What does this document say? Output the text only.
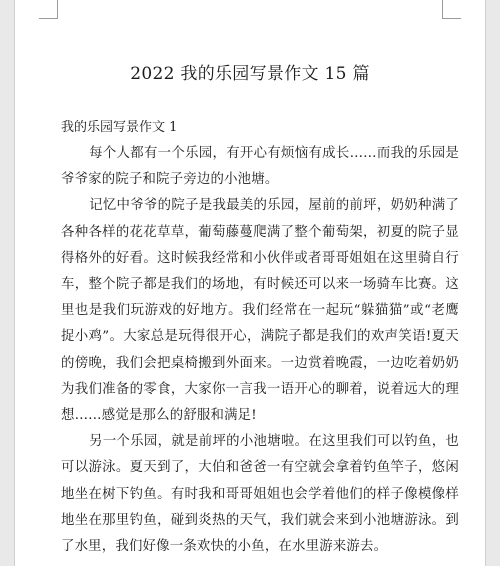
2022 我的乐园写景作文 15 篇
我的乐园写景作文 1

每个人都有一个乐园，有开心有烦恼有成长……而我的乐园是爷爷家的院子和院子旁边的小池塘。

记忆中爷爷的院子是我最美的乐园，屋前的前坪，奶奶种满了各种各样的花花草草，葡萄藤蔓爬满了整个葡萄架，初夏的院子显得格外的好看。这时候我经常和小伙伴或者哥哥姐姐在这里骑自行车，整个院子都是我们的场地，有时候还可以来一场骑车比赛。这里也是我们玩游戏的好地方。我们经常在一起玩“躲猫猫”或“老鹰捉小鸡”。大家总是玩得很开心，满院子都是我们的欢声笑语!夏天的傍晚，我们会把桌椅搬到外面来。一边赏着晚霞，一边吃着奶奶为我们准备的零食，大家你一言我一语开心的聊着，说着远大的理想……感觉是那么的舒服和满足!

另一个乐园，就是前坪的小池塘啦。在这里我们可以钓鱼，也可以游泳。夏天到了，大伯和爸爸一有空就会拿着钓鱼竿子，悠闲地坐在树下钓鱼。有时我和哥哥姐姐也会学着他们的样子像模像样地坐在那里钓鱼，碰到炎热的天气，我们就会来到小池塘游泳。到了水里，我们好像一条欢快的小鱼，在水里游来游去。
